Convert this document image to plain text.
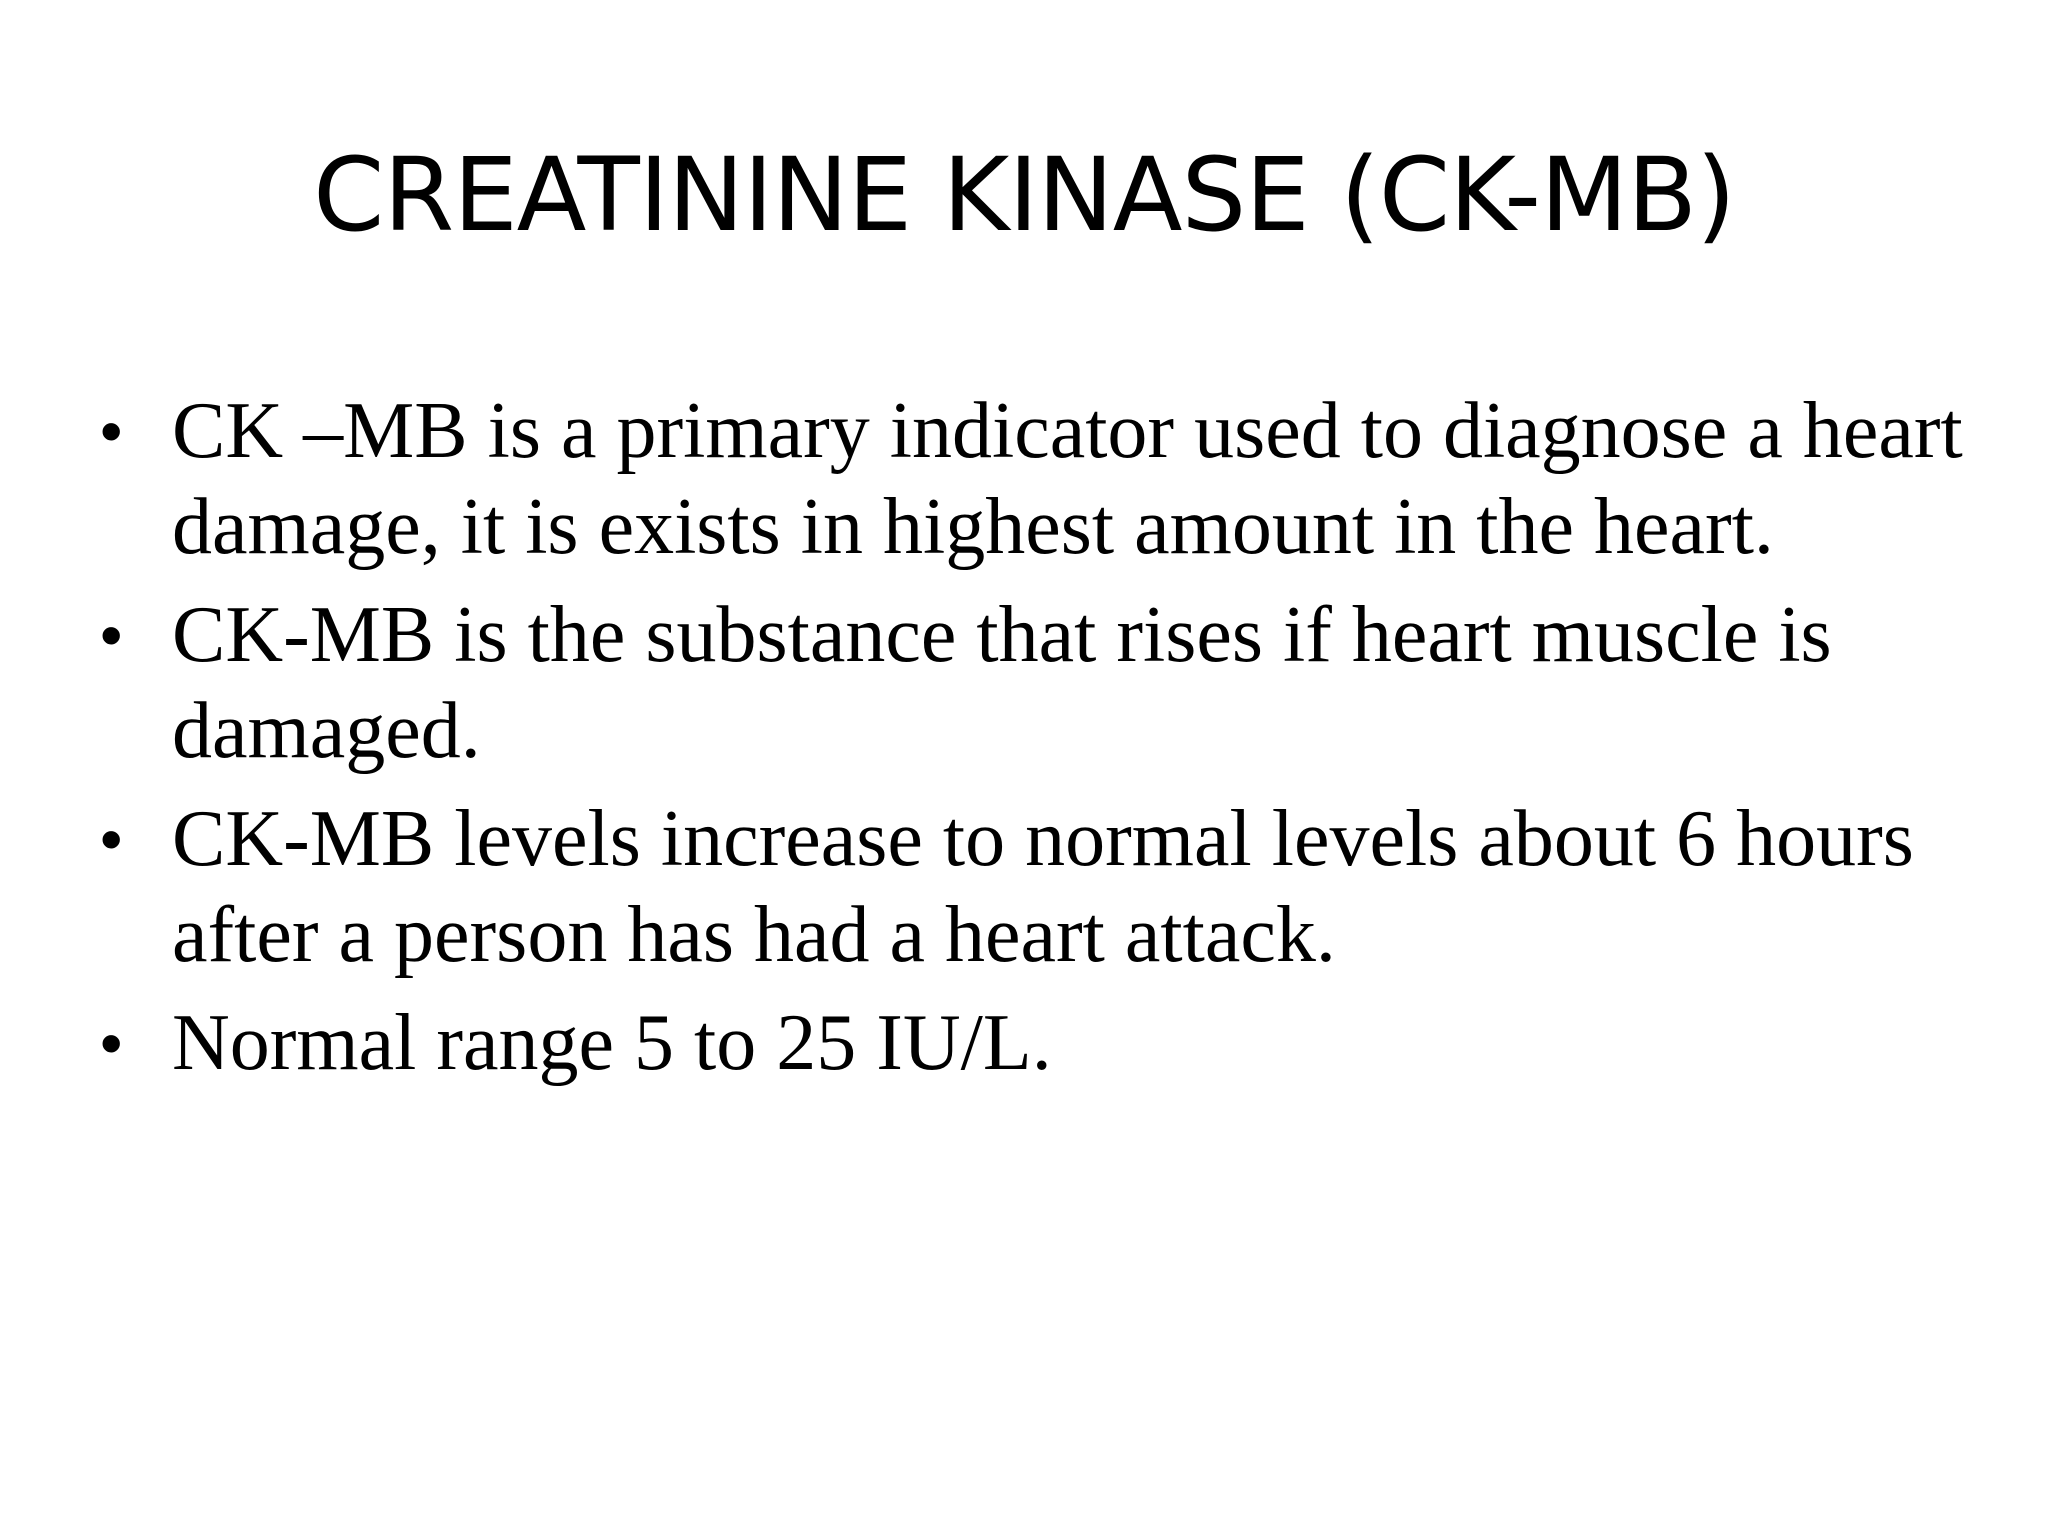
CREATININE KINASE (CK-MB)
• CK –MB is a primary indicator used to diagnose a heart damage, it is exists in highest amount in the heart.
• CK-MB is the substance that rises if heart muscle is damaged.
• CK-MB levels increase to normal levels about 6 hours after a person has had a heart attack.
• Normal range 5 to 25 IU/L.
